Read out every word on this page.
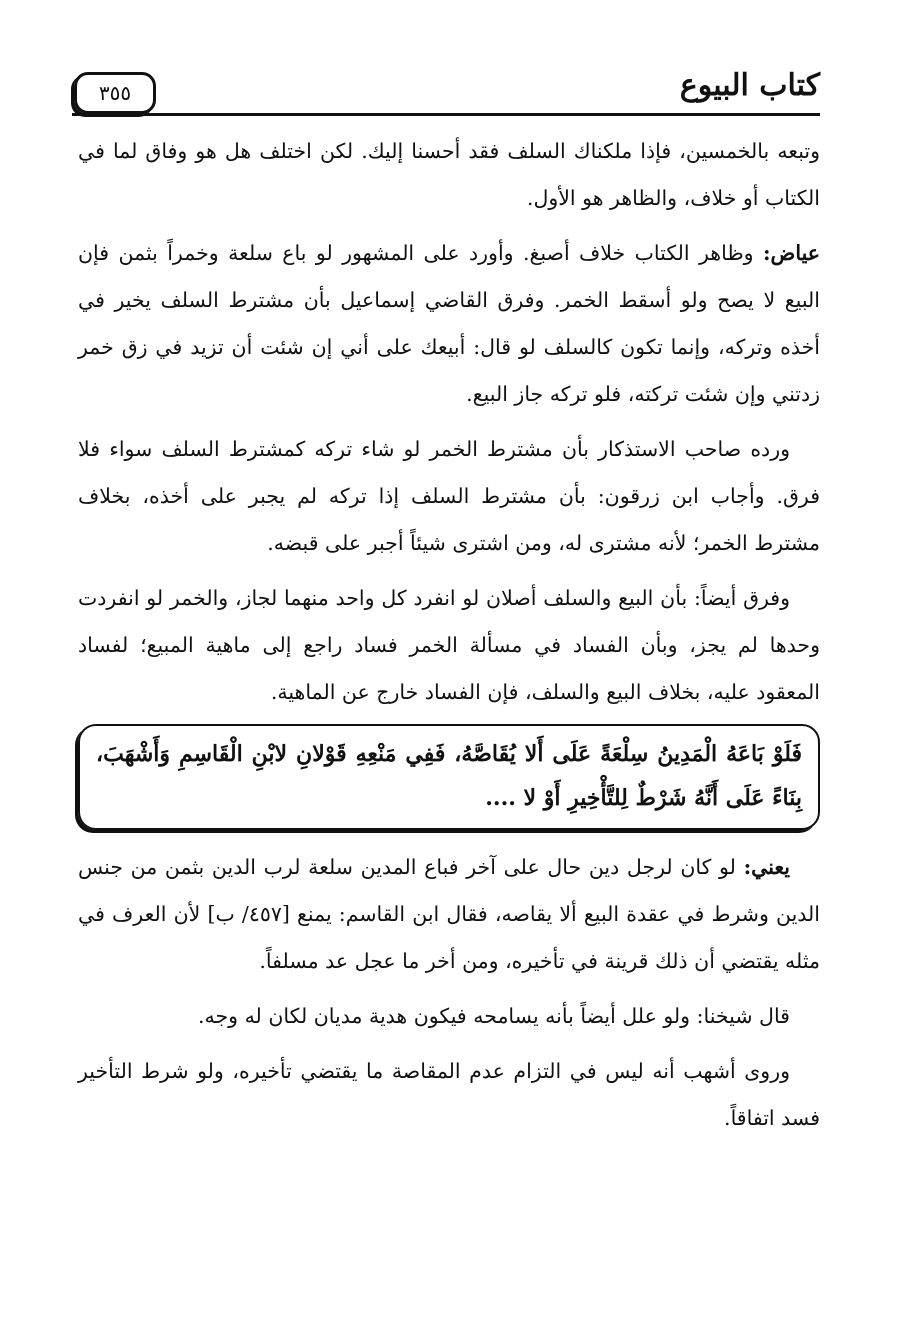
كتاب البيوع
٣٥٥

وتبعه بالخمسين، فإذا ملكناك السلف فقد أحسنا إليك. لكن اختلف هل هو وفاق لما في الكتاب أو خلاف، والظاهر هو الأول.

عياض: وظاهر الكتاب خلاف أصبغ. وأورد على المشهور لو باع سلعة وخمراً بثمن فإن البيع لا يصح ولو أسقط الخمر. وفرق القاضي إسماعيل بأن مشترط السلف يخير في أخذه وتركه، وإنما تكون كالسلف لو قال: أبيعك على أني إن شئت أن تزيد في زق خمر زدتني وإن شئت تركته، فلو تركه جاز البيع.

ورده صاحب الاستذكار بأن مشترط الخمر لو شاء تركه كمشترط السلف سواء فلا فرق. وأجاب ابن زرقون: بأن مشترط السلف إذا تركه لم يجبر على أخذه، بخلاف مشترط الخمر؛ لأنه مشترى له، ومن اشترى شيئاً أجبر على قبضه.

وفرق أيضاً: بأن البيع والسلف أصلان لو انفرد كل واحد منهما لجاز، والخمر لو انفردت وحدها لم يجز، وبأن الفساد في مسألة الخمر فساد راجع إلى ماهية المبيع؛ لفساد المعقود عليه، بخلاف البيع والسلف، فإن الفساد خارج عن الماهية.

فَلَوْ بَاعَهُ الْمَدِينُ سِلْعَةً عَلَى أَلا يُقَاصَّهُ، فَفِي مَنْعِهِ قَوْلانِ لابْنِ الْقَاسِمِ وَأَشْهَبَ، بِنَاءً عَلَى أَنَّهُ شَرْطٌ لِلتَّأْخِيرِ أَوْ لا ....

يعني: لو كان لرجل دين حال على آخر فباع المدين سلعة لرب الدين بثمن من جنس الدين وشرط في عقدة البيع ألا يقاصه، فقال ابن القاسم: يمنع [٤٥٧/ ب] لأن العرف في مثله يقتضي أن ذلك قرينة في تأخيره، ومن أخر ما عجل عد مسلفاً.

قال شيخنا: ولو علل أيضاً بأنه يسامحه فيكون هدية مديان لكان له وجه.

وروى أشهب أنه ليس في التزام عدم المقاصة ما يقتضي تأخيره، ولو شرط التأخير فسد اتفاقاً.
